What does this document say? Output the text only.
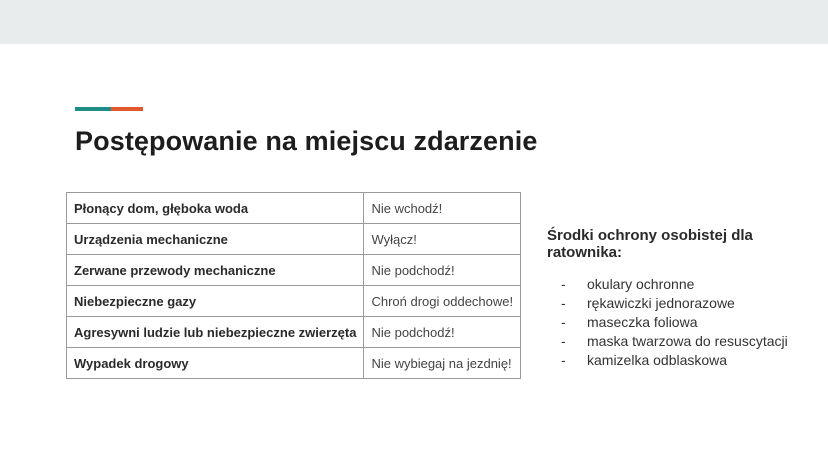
Postępowanie na miejscu zdarzenie
Płonący dom, głęboka woda	Nie wchodź!
Urządzenia mechaniczne	Wyłącz!
Zerwane przewody mechaniczne	Nie podchodź!
Niebezpieczne gazy	Chroń drogi oddechowe!
Agresywni ludzie lub niebezpieczne zwierzęta	Nie podchodź!
Wypadek drogowy	Nie wybiegaj na jezdnię!

Środki ochrony osobistej dla ratownika:

-	okulary ochronne
-	rękawiczki jednorazowe
-	maseczka foliowa
-	maska twarzowa do resuscytacji
-	kamizelka odblaskowa
